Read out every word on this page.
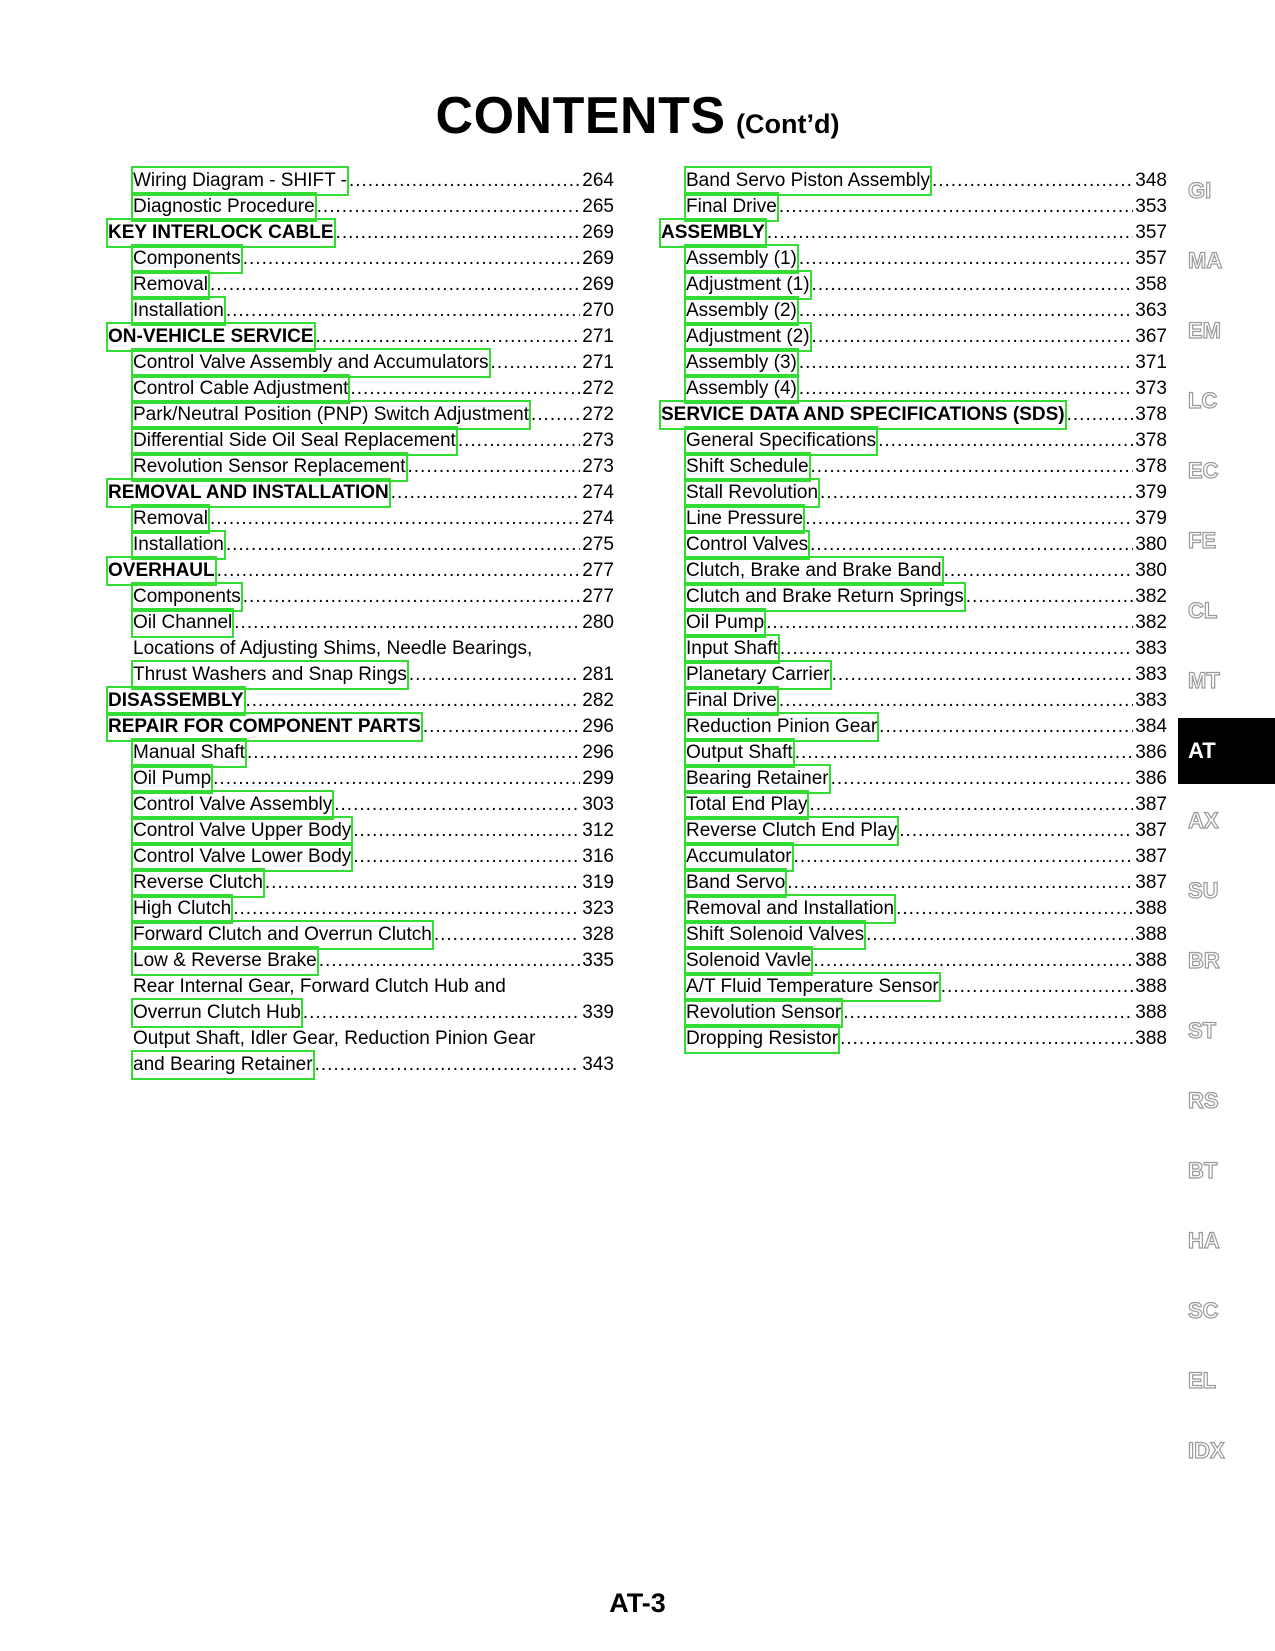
CONTENTS (Cont’d)
Wiring Diagram - SHIFT - .....	264
Diagnostic Procedure .....	265
KEY INTERLOCK CABLE .....	269
Components .....	269
Removal .....	269
Installation .....	270
ON-VEHICLE SERVICE .....	271
Control Valve Assembly and Accumulators .....	271
Control Cable Adjustment .....	272
Park/Neutral Position (PNP) Switch Adjustment .....	272
Differential Side Oil Seal Replacement .....	273
Revolution Sensor Replacement .....	273
REMOVAL AND INSTALLATION .....	274
Removal .....	274
Installation .....	275
OVERHAUL .....	277
Components .....	277
Oil Channel .....	280
Locations of Adjusting Shims, Needle Bearings,
Thrust Washers and Snap Rings .....	281
DISASSEMBLY .....	282
REPAIR FOR COMPONENT PARTS .....	296
Manual Shaft .....	296
Oil Pump .....	299
Control Valve Assembly .....	303
Control Valve Upper Body .....	312
Control Valve Lower Body .....	316
Reverse Clutch .....	319
High Clutch .....	323
Forward Clutch and Overrun Clutch .....	328
Low & Reverse Brake .....	335
Rear Internal Gear, Forward Clutch Hub and
Overrun Clutch Hub .....	339
Output Shaft, Idler Gear, Reduction Pinion Gear
and Bearing Retainer .....	343
Band Servo Piston Assembly .....	348
Final Drive .....	353
ASSEMBLY .....	357
Assembly (1) .....	357
Adjustment (1) .....	358
Assembly (2) .....	363
Adjustment (2) .....	367
Assembly (3) .....	371
Assembly (4) .....	373
SERVICE DATA AND SPECIFICATIONS (SDS) .....	378
General Specifications .....	378
Shift Schedule .....	378
Stall Revolution .....	379
Line Pressure .....	379
Control Valves .....	380
Clutch, Brake and Brake Band .....	380
Clutch and Brake Return Springs .....	382
Oil Pump .....	382
Input Shaft .....	383
Planetary Carrier .....	383
Final Drive .....	383
Reduction Pinion Gear .....	384
Output Shaft .....	386
Bearing Retainer .....	386
Total End Play .....	387
Reverse Clutch End Play .....	387
Accumulator .....	387
Band Servo .....	387
Removal and Installation .....	388
Shift Solenoid Valves .....	388
Solenoid Vavle .....	388
A/T Fluid Temperature Sensor .....	388
Revolution Sensor .....	388
Dropping Resistor .....	388
GI
MA
EM
LC
EC
FE
CL
MT
AT
AX
SU
BR
ST
RS
BT
HA
SC
EL
IDX
AT-3
